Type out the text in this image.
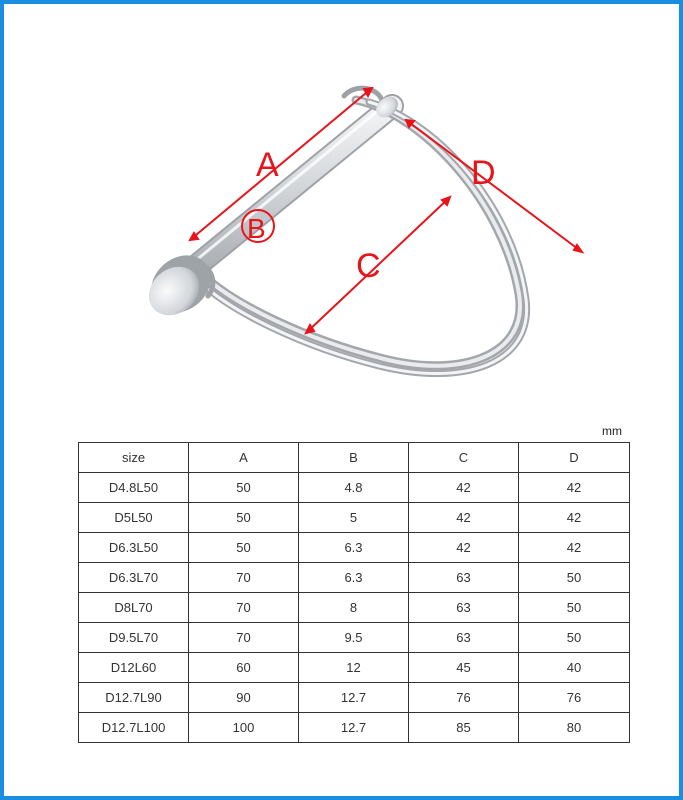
A
B
C
D
mm
size	A	B	C	D
D4.8L50	50	4.8	42	42
D5L50	50	5	42	42
D6.3L50	50	6.3	42	42
D6.3L70	70	6.3	63	50
D8L70	70	8	63	50
D9.5L70	70	9.5	63	50
D12L60	60	12	45	40
D12.7L90	90	12.7	76	76
D12.7L100	100	12.7	85	80
